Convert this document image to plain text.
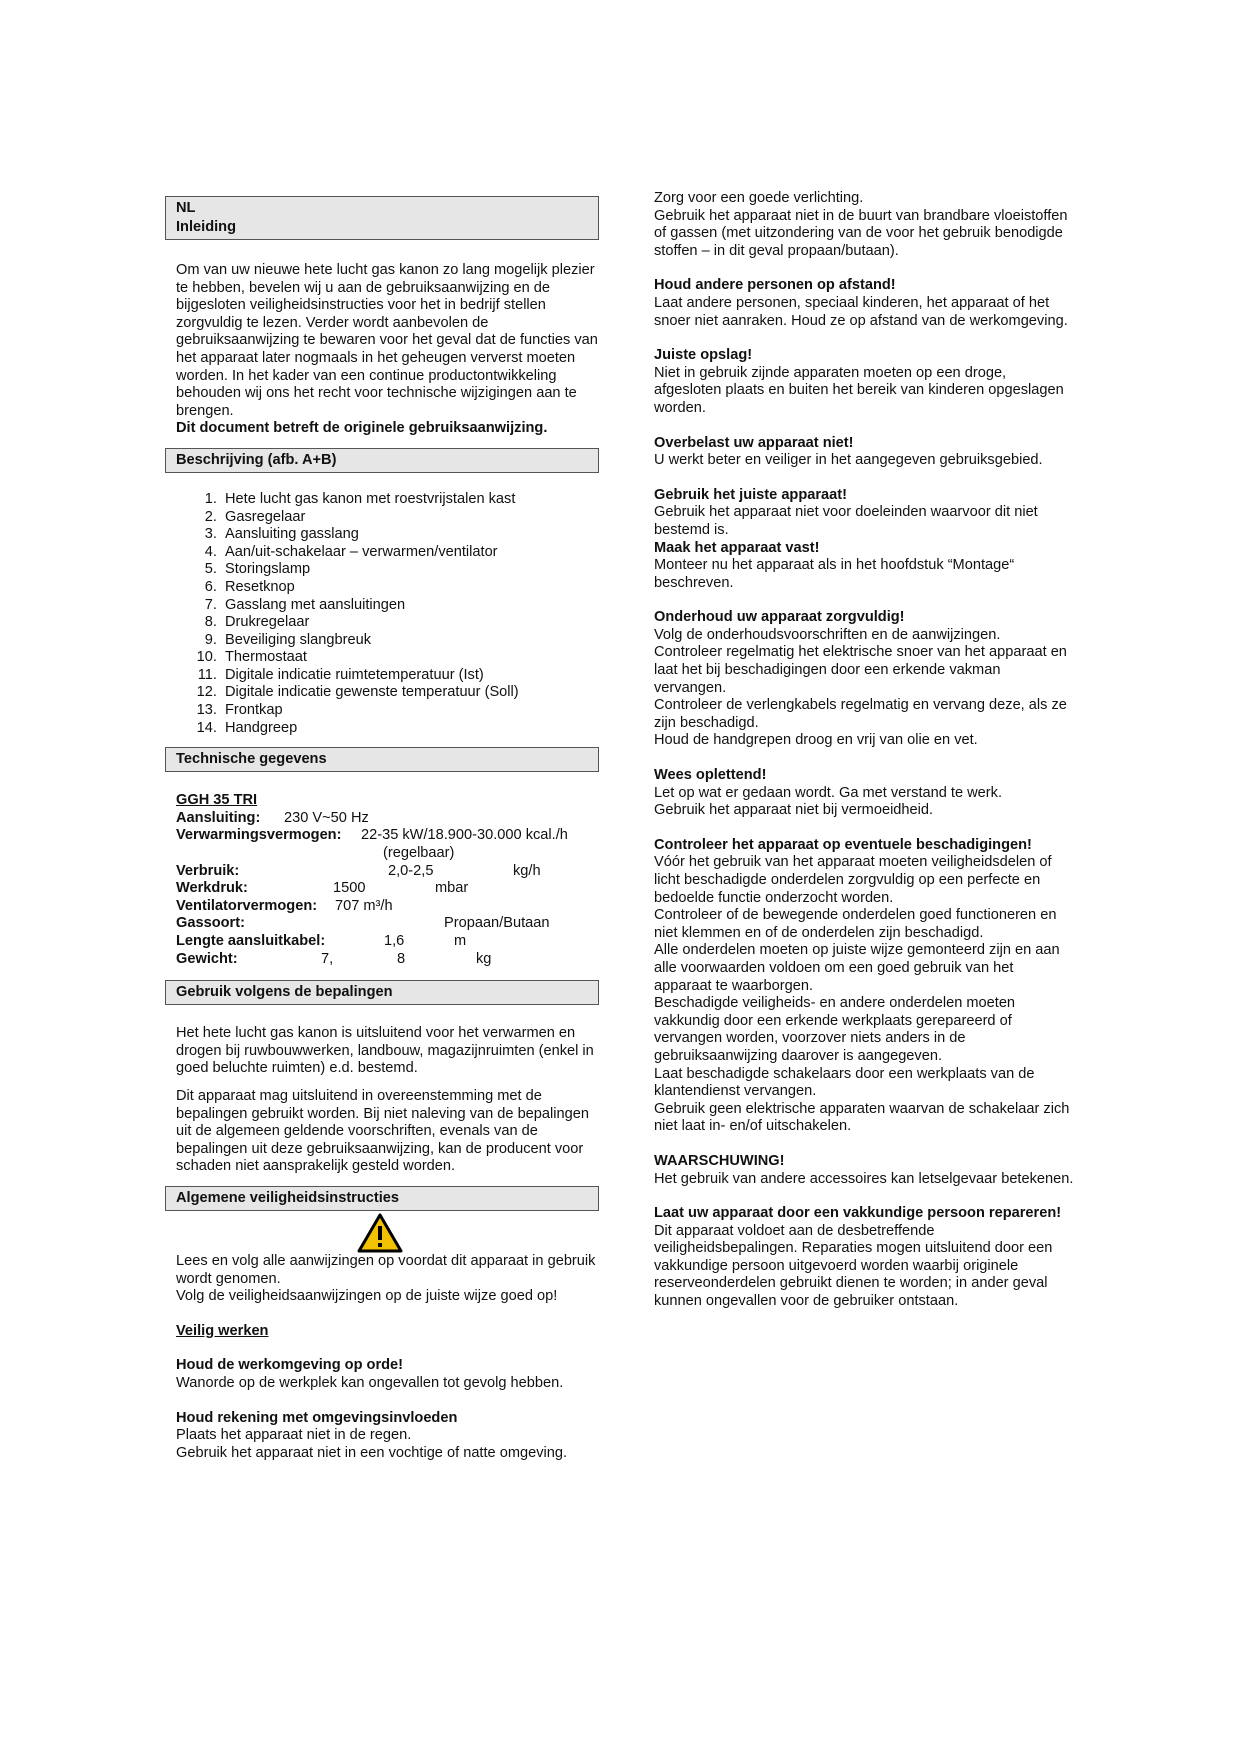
NL
Inleiding

Om van uw nieuwe hete lucht gas kanon zo lang mogelijk plezier te hebben, bevelen wij u aan de gebruiksaanwijzing en de bijgesloten veiligheidsinstructies voor het in bedrijf stellen zorgvuldig te lezen. Verder wordt aanbevolen de gebruiksaanwijzing te bewaren voor het geval dat de functies van het apparaat later nogmaals in het geheugen ververst moeten worden. In het kader van een continue productontwikkeling behouden wij ons het recht voor technische wijzigingen aan te brengen.

Dit document betreft de originele gebruiksaanwijzing.

Beschrijving (afb. A+B)
1. Hete lucht gas kanon met roestvrijstalen kast
2. Gasregelaar
3. Aansluiting gasslang
4. Aan/uit-schakelaar – verwarmen/ventilator
5. Storingslamp
6. Resetknop
7. Gasslang met aansluitingen
8. Drukregelaar
9. Beveiliging slangbreuk
10. Thermostaat
11. Digitale indicatie ruimtetemperatuur (Ist)
12. Digitale indicatie gewenste temperatuur (Soll)
13. Frontkap
14. Handgreep
Technische gegevens
GGH 35 TRI
Aansluiting: 230 V~50 Hz
Verwarmingsvermogen: 22-35 kW/18.900-30.000 kcal./h
(regelbaar)
Verbruik:	2,0-2,5	kg/h
Werkdruk:	1500	mbar
Ventilatorvermogen: 707 m³/h
Gassoort:	Propaan/Butaan
Lengte aansluitkabel:	1,6	m
Gewicht:	7,	8	kg
Gebruik volgens de bepalingen

Het hete lucht gas kanon is uitsluitend voor het verwarmen en drogen bij ruwbouwwerken, landbouw, magazijnruimten (enkel in goed beluchte ruimten) e.d. bestemd.

Dit apparaat mag uitsluitend in overeenstemming met de bepalingen gebruikt worden. Bij niet naleving van de bepalingen uit de algemeen geldende voorschriften, evenals van de bepalingen uit deze gebruiksaanwijzing, kan de producent voor schaden niet aansprakelijk gesteld worden.

Algemene veiligheidsinstructies

Lees en volg alle aanwijzingen op voordat dit apparaat in gebruik wordt genomen.

Volg de veiligheidsaanwijzingen op de juiste wijze goed op!

Veilig werken

Houd de werkomgeving op orde!

Wanorde op de werkplek kan ongevallen tot gevolg hebben.

Houd rekening met omgevingsinvloeden

Plaats het apparaat niet in de regen.

Gebruik het apparaat niet in een vochtige of natte omgeving.

Zorg voor een goede verlichting.

Gebruik het apparaat niet in de buurt van brandbare vloeistoffen of gassen (met uitzondering van de voor het gebruik benodigde stoffen – in dit geval propaan/butaan).

Houd andere personen op afstand!

Laat andere personen, speciaal kinderen, het apparaat of het snoer niet aanraken. Houd ze op afstand van de werkomgeving.

Juiste opslag!

Niet in gebruik zijnde apparaten moeten op een droge, afgesloten plaats en buiten het bereik van kinderen opgeslagen worden.

Overbelast uw apparaat niet!

U werkt beter en veiliger in het aangegeven gebruiksgebied.

Gebruik het juiste apparaat!

Gebruik het apparaat niet voor doeleinden waarvoor dit niet bestemd is.

Maak het apparaat vast!

Monteer nu het apparaat als in het hoofdstuk “Montage“ beschreven.

Onderhoud uw apparaat zorgvuldig!

Volg de onderhoudsvoorschriften en de aanwijzingen.

Controleer regelmatig het elektrische snoer van het apparaat en laat het bij beschadigingen door een erkende vakman vervangen.

Controleer de verlengkabels regelmatig en vervang deze, als ze zijn beschadigd.

Houd de handgrepen droog en vrij van olie en vet.

Wees oplettend!

Let op wat er gedaan wordt. Ga met verstand te werk.

Gebruik het apparaat niet bij vermoeidheid.

Controleer het apparaat op eventuele beschadigingen!

Vóór het gebruik van het apparaat moeten veiligheidsdelen of licht beschadigde onderdelen zorgvuldig op een perfecte en bedoelde functie onderzocht worden.

Controleer of de bewegende onderdelen goed functioneren en niet klemmen en of de onderdelen zijn beschadigd.

Alle onderdelen moeten op juiste wijze gemonteerd zijn en aan alle voorwaarden voldoen om een goed gebruik van het apparaat te waarborgen.

Beschadigde veiligheids- en andere onderdelen moeten vakkundig door een erkende werkplaats gerepareerd of vervangen worden, voorzover niets anders in de gebruiksaanwijzing daarover is aangegeven.

Laat beschadigde schakelaars door een werkplaats van de klantendienst vervangen.

Gebruik geen elektrische apparaten waarvan de schakelaar zich niet laat in- en/of uitschakelen.

WAARSCHUWING!

Het gebruik van andere accessoires kan letselgevaar betekenen.

Laat uw apparaat door een vakkundige persoon repareren!

Dit apparaat voldoet aan de desbetreffende veiligheidsbepalingen. Reparaties mogen uitsluitend door een vakkundige persoon uitgevoerd worden waarbij originele reserveonderdelen gebruikt dienen te worden; in ander geval kunnen ongevallen voor de gebruiker ontstaan.
